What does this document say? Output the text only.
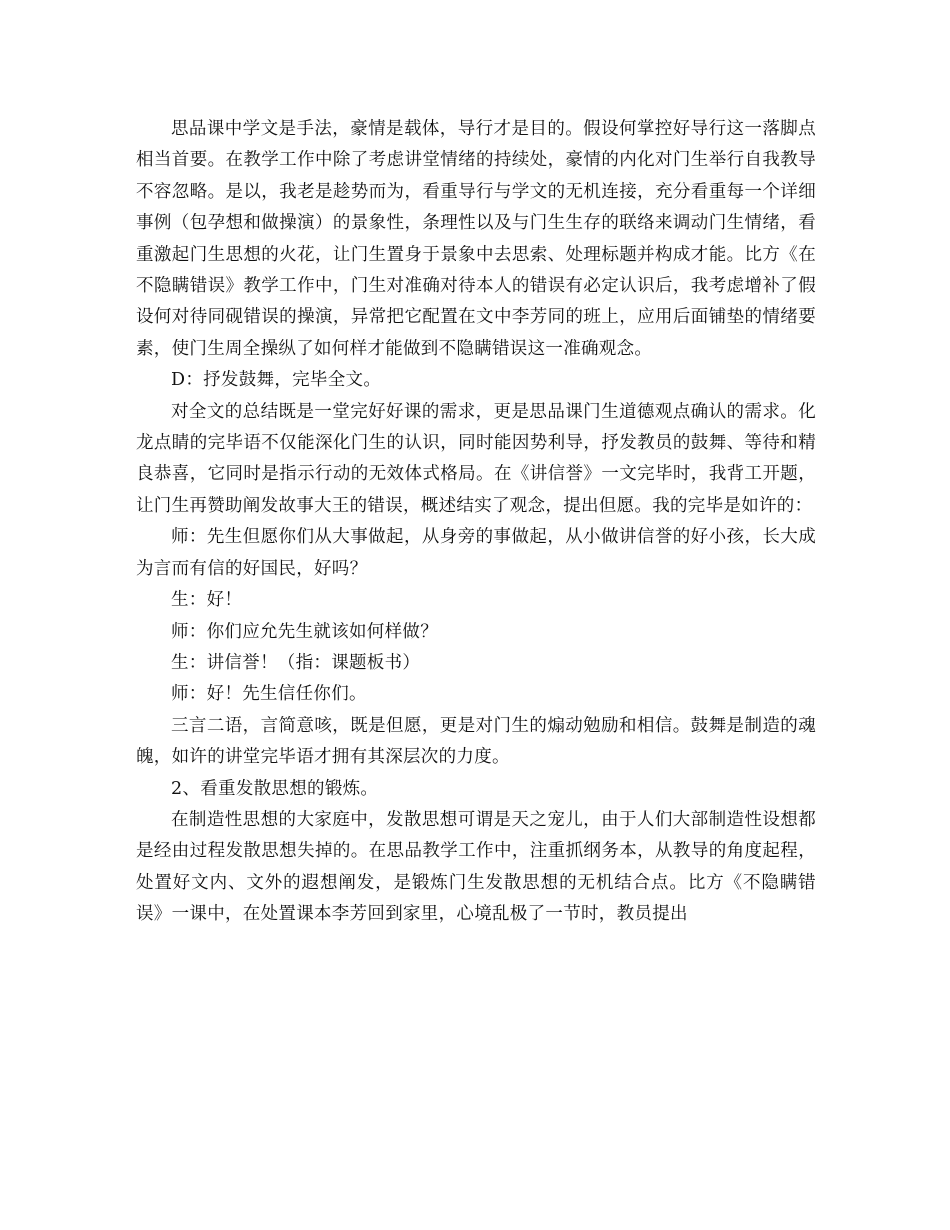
思品课中学文是手法，豪情是载体，导行才是目的。假设何掌控好导行这一落脚点相当首要。在教学工作中除了考虑讲堂情绪的持续处，豪情的内化对门生举行自我教导不容忽略。是以，我老是趁势而为，看重导行与学文的无机连接，充分看重每一个详细事例（包孕想和做操演）的景象性，条理性以及与门生生存的联络来调动门生情绪，看重激起门生思想的火花，让门生置身于景象中去思索、处理标题并构成才能。比方《在不隐瞒错误》教学工作中，门生对准确对待本人的错误有必定认识后，我考虑增补了假设何对待同砚错误的操演，异常把它配置在文中李芳同的班上，应用后面铺垫的情绪要素，使门生周全操纵了如何样才能做到不隐瞒错误这一准确观念。

D：抒发鼓舞，完毕全文。

对全文的总结既是一堂完好好课的需求，更是思品课门生道德观点确认的需求。化龙点睛的完毕语不仅能深化门生的认识，同时能因势利导，抒发教员的鼓舞、等待和精良恭喜，它同时是指示行动的无效体式格局。在《讲信誉》一文完毕时，我背工开题，让门生再赞助阐发故事大王的错误，概述结实了观念，提出但愿。我的完毕是如许的：

师：先生但愿你们从大事做起，从身旁的事做起，从小做讲信誉的好小孩，长大成为言而有信的好国民，好吗？

生：好！

师：你们应允先生就该如何样做？

生：讲信誉！（指：课题板书）

师：好！先生信任你们。

三言二语，言简意咳，既是但愿，更是对门生的煽动勉励和相信。鼓舞是制造的魂魄，如许的讲堂完毕语才拥有其深层次的力度。

2、看重发散思想的锻炼。

在制造性思想的大家庭中，发散思想可谓是天之宠儿，由于人们大部制造性设想都是经由过程发散思想失掉的。在思品教学工作中，注重抓纲务本，从教导的角度起程，处置好文内、文外的遐想阐发，是锻炼门生发散思想的无机结合点。比方《不隐瞒错误》一课中，在处置课本李芳回到家里，心境乱极了一节时，教员提出
